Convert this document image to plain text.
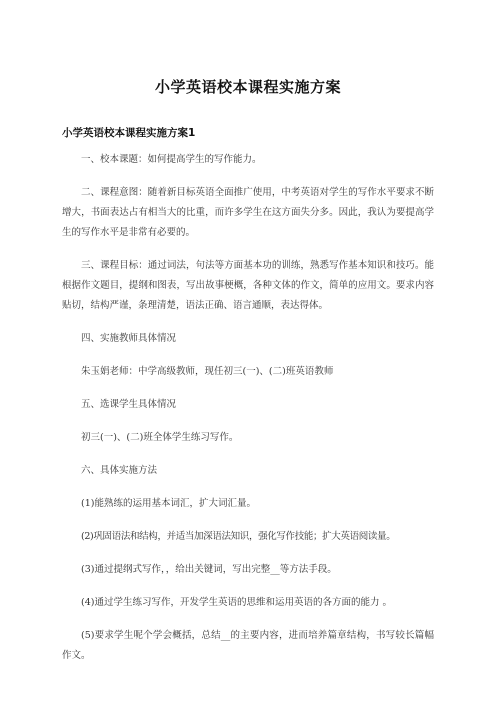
小学英语校本课程实施方案
小学英语校本课程实施方案1

一、校本课题：如何提高学生的写作能力。

二、课程意图：随着新目标英语全面推广使用，中考英语对学生的写作水平要求不断增大，书面表达占有相当大的比重，而许多学生在这方面失分多。因此，我认为要提高学生的写作水平是非常有必要的。

三、课程目标：通过词法，句法等方面基本功的训练，熟悉写作基本知识和技巧。能根据作文题目，提纲和图表，写出故事梗概，各种文体的作文，简单的应用文。要求内容贴切，结构严谨，条理清楚，语法正确、语言通顺，表达得体。

四、实施教师具体情况

朱玉娟老师：中学高级教师，现任初三(一)、(二)班英语教师

五、选课学生具体情况

初三(一)、(二)班全体学生练习写作。

六、具体实施方法

(1)能熟练的运用基本词汇，扩大词汇量。

(2)巩固语法和结构，并适当加深语法知识，强化写作技能；扩大英语阅读量。

(3)通过提纲式写作，，给出关键词，写出完整__等方法手段。

(4)通过学生练习写作，开发学生英语的思维和运用英语的各方面的能力 。

(5)要求学生呢个学会概括，总结__的主要内容，进而培养篇章结构，书写较长篇幅作文。
